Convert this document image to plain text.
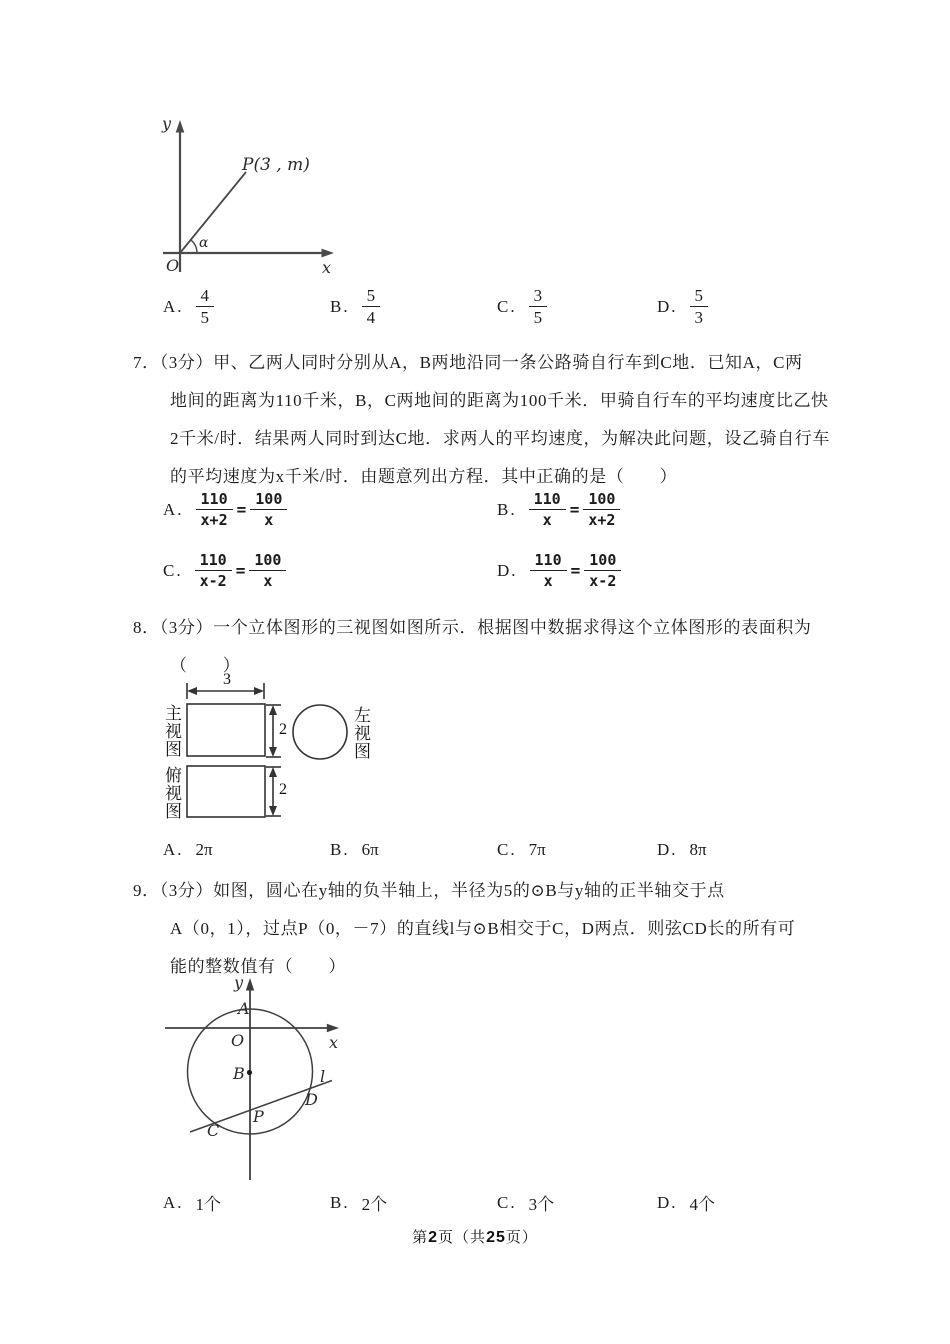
y
O	x
α
P(3 , m)
A. $\frac{4}{5}$	B. $\frac{5}{4}$	C. $\frac{3}{5}$	D. $\frac{5}{3}$
7．（3分）甲、乙两人同时分别从A，B两地沿同一条公路骑自行车到C地．已知A，C两
地间的距离为110千米，B，C两地间的距离为100千米．甲骑自行车的平均速度比乙快
2千米/时．结果两人同时到达C地．求两人的平均速度，为解决此问题，设乙骑自行车
的平均速度为x千米/时．由题意列出方程．其中正确的是（　　）
A. $\frac{110}{x+2} = \frac{100}{x}$	B. $\frac{110}{x} = \frac{100}{x+2}$
C. $\frac{110}{x-2} = \frac{100}{x}$	D. $\frac{110}{x} = \frac{100}{x-2}$
8．（3分）一个立体图形的三视图如图所示．根据图中数据求得这个立体图形的表面积为
（　　）
3
2
2
主视图
俯视图
左视图
A. 2π	B. 6π	C. 7π	D. 8π
9．（3分）如图，圆心在y轴的负半轴上，半径为5的⊙B与y轴的正半轴交于点
A（0，1），过点P（0，－7）的直线l与⊙B相交于C，D两点．则弦CD长的所有可
能的整数值有（　　）
y
A
O	x
B	l
D
P
C
A. 1个	B. 2个	C. 3个	D. 4个
第2页（共25页）
